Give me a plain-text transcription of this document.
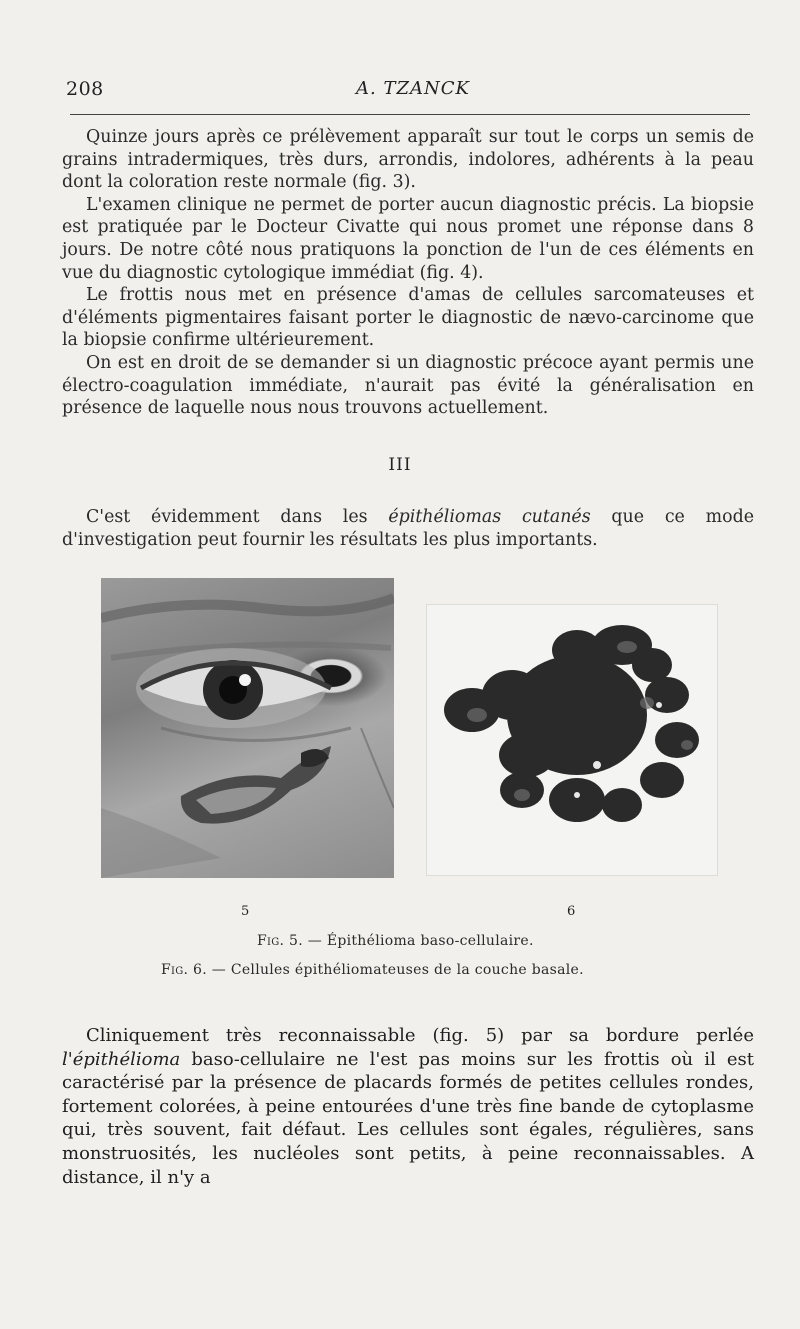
208	A. TZANCK

Quinze jours après ce prélèvement apparaît sur tout le corps un semis de grains intradermiques, très durs, arrondis, indolores, adhérents à la peau dont la coloration reste normale (fig. 3).

L'examen clinique ne permet de porter aucun diagnostic précis. La biopsie est pratiquée par le Docteur Civatte qui nous promet une réponse dans 8 jours. De notre côté nous pratiquons la ponction de l'un de ces éléments en vue du diagnostic cytologique immédiat (fig. 4).

Le frottis nous met en présence d'amas de cellules sarcomateuses et d'éléments pigmentaires faisant porter le diagnostic de nævo-carcinome que la biopsie confirme ultérieurement.

On est en droit de se demander si un diagnostic précoce ayant permis une électro-coagulation immédiate, n'aurait pas évité la généralisation en présence de laquelle nous nous trouvons actuellement.

III

C'est évidemment dans les épithéliomas cutanés que ce mode d'investigation peut fournir les résultats les plus importants.

5	6
Fig. 5. — Épithélioma baso-cellulaire.
Fig. 6. — Cellules épithéliomateuses de la couche basale.

Cliniquement très reconnaissable (fig. 5) par sa bordure perlée l'épithélioma baso-cellulaire ne l'est pas moins sur les frottis où il est caractérisé par la présence de placards formés de petites cellules rondes, fortement colorées, à peine entourées d'une très fine bande de cytoplasme qui, très souvent, fait défaut. Les cellules sont égales, régulières, sans monstruosités, les nucléoles sont petits, à peine reconnaissables. A distance, il n'y a
